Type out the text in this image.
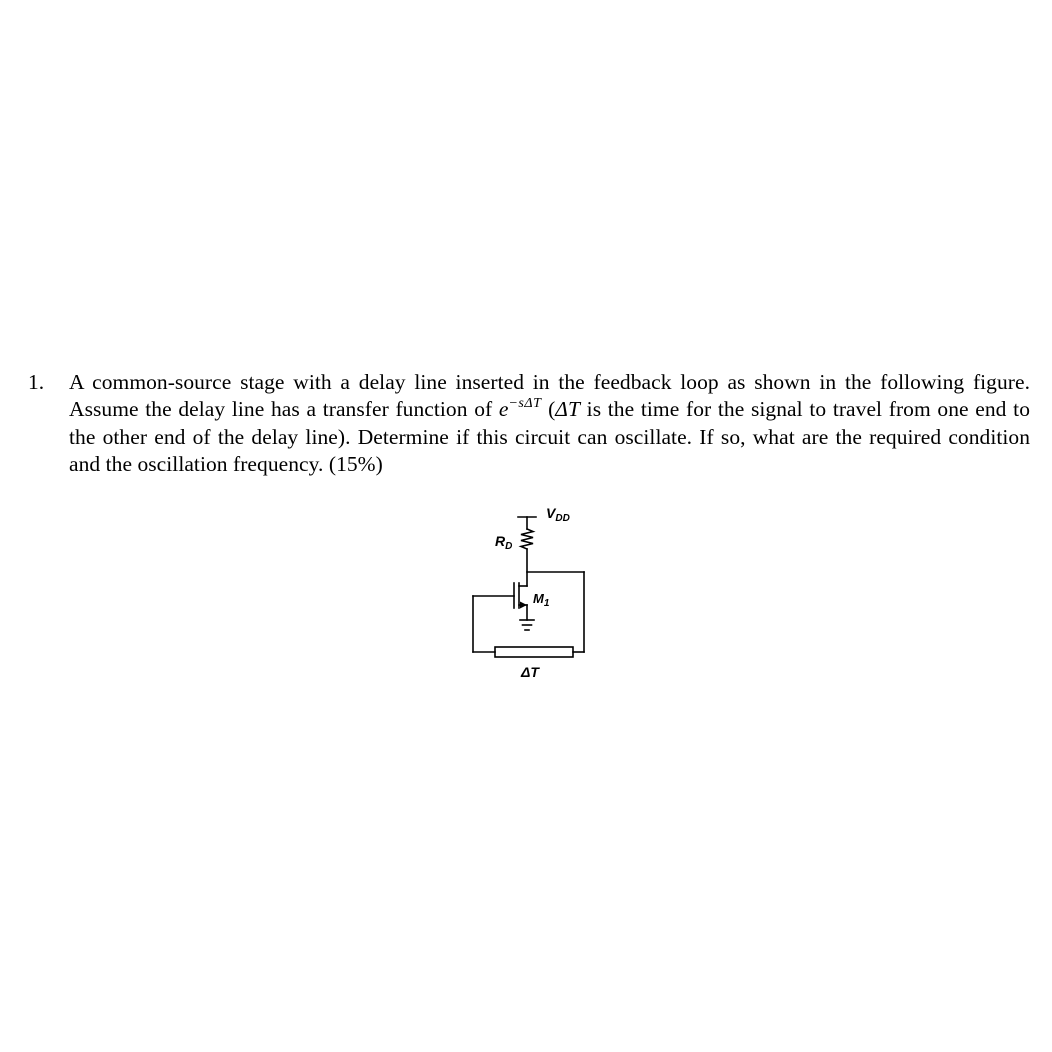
1. A common-source stage with a delay line inserted in the feedback loop as shown in the following figure. Assume the delay line has a transfer function of $e^{-s\Delta T}$ (ΔT is the time for the signal to travel from one end to the other end of the delay line). Determine if this circuit can oscillate. If so, what are the required condition and the oscillation frequency. (15%)
$V_{DD}$
$R_D$
$M_1$
ΔT
